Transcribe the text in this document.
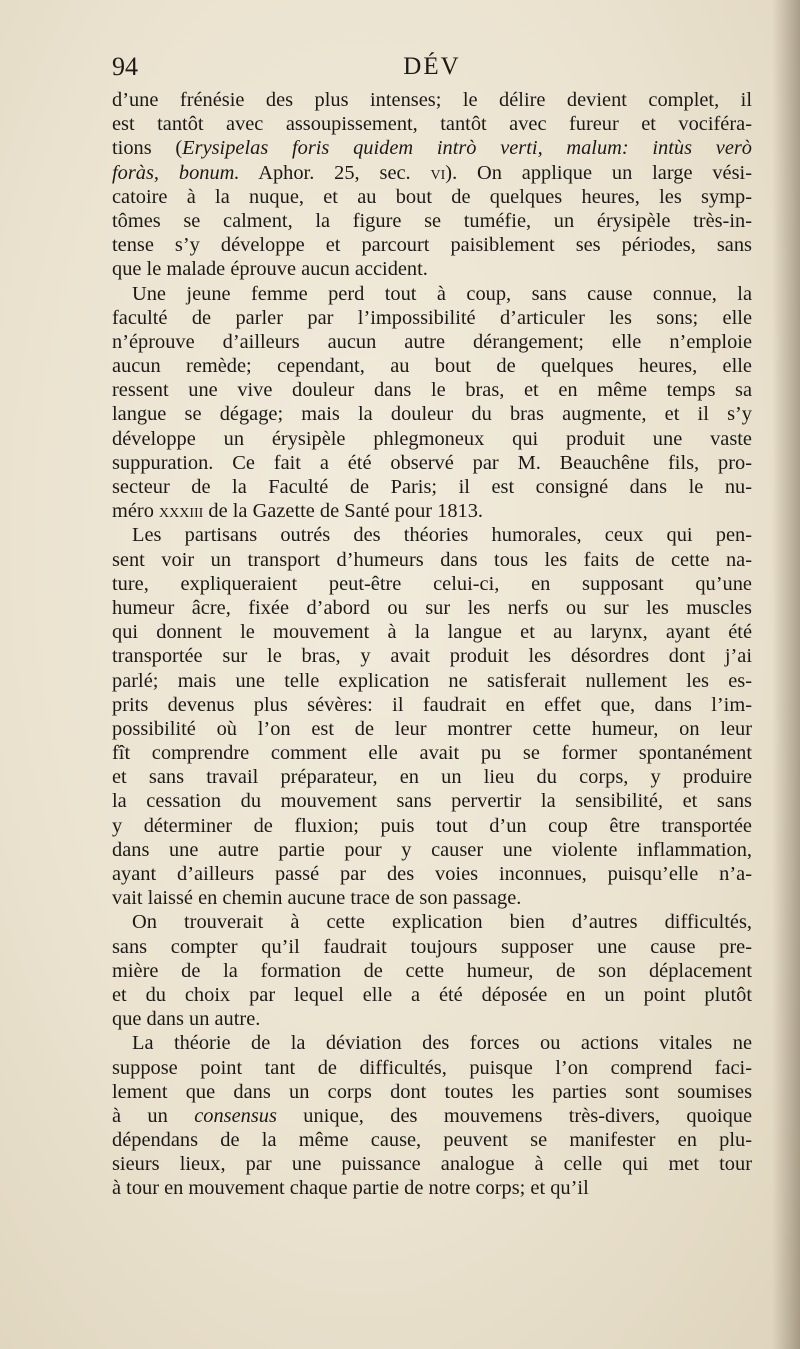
94	DÉV
d’une frénésie des plus intenses; le délire devient complet, il
est tantôt avec assoupissement, tantôt avec fureur et vociféra-
tions (Erysipelas foris quidem intrò verti, malum: intùs verò
foràs, bonum. Aphor. 25, sec. vi). On applique un large vési-
catoire à la nuque, et au bout de quelques heures, les symp-
tômes se calment, la figure se tuméfie, un érysipèle très-in-
tense s’y développe et parcourt paisiblement ses périodes, sans
que le malade éprouve aucun accident.
Une jeune femme perd tout à coup, sans cause connue, la
faculté de parler par l’impossibilité d’articuler les sons; elle
n’éprouve d’ailleurs aucun autre dérangement; elle n’emploie
aucun remède; cependant, au bout de quelques heures, elle
ressent une vive douleur dans le bras, et en même temps sa
langue se dégage; mais la douleur du bras augmente, et il s’y
développe un érysipèle phlegmoneux qui produit une vaste
suppuration. Ce fait a été observé par M. Beauchêne fils, pro-
secteur de la Faculté de Paris; il est consigné dans le nu-
méro xxxiii de la Gazette de Santé pour 1813.
Les partisans outrés des théories humorales, ceux qui pen-
sent voir un transport d’humeurs dans tous les faits de cette na-
ture, expliqueraient peut-être celui-ci, en supposant qu’une
humeur âcre, fixée d’abord ou sur les nerfs ou sur les muscles
qui donnent le mouvement à la langue et au larynx, ayant été
transportée sur le bras, y avait produit les désordres dont j’ai
parlé; mais une telle explication ne satisferait nullement les es-
prits devenus plus sévères: il faudrait en effet que, dans l’im-
possibilité où l’on est de leur montrer cette humeur, on leur
fît comprendre comment elle avait pu se former spontanément
et sans travail préparateur, en un lieu du corps, y produire
la cessation du mouvement sans pervertir la sensibilité, et sans
y déterminer de fluxion; puis tout d’un coup être transportée
dans une autre partie pour y causer une violente inflammation,
ayant d’ailleurs passé par des voies inconnues, puisqu’elle n’a-
vait laissé en chemin aucune trace de son passage.
On trouverait à cette explication bien d’autres difficultés,
sans compter qu’il faudrait toujours supposer une cause pre-
mière de la formation de cette humeur, de son déplacement
et du choix par lequel elle a été déposée en un point plutôt
que dans un autre.
La théorie de la déviation des forces ou actions vitales ne
suppose point tant de difficultés, puisque l’on comprend faci-
lement que dans un corps dont toutes les parties sont soumises
à un consensus unique, des mouvemens très-divers, quoique
dépendans de la même cause, peuvent se manifester en plu-
sieurs lieux, par une puissance analogue à celle qui met tour
à tour en mouvement chaque partie de notre corps; et qu’il
